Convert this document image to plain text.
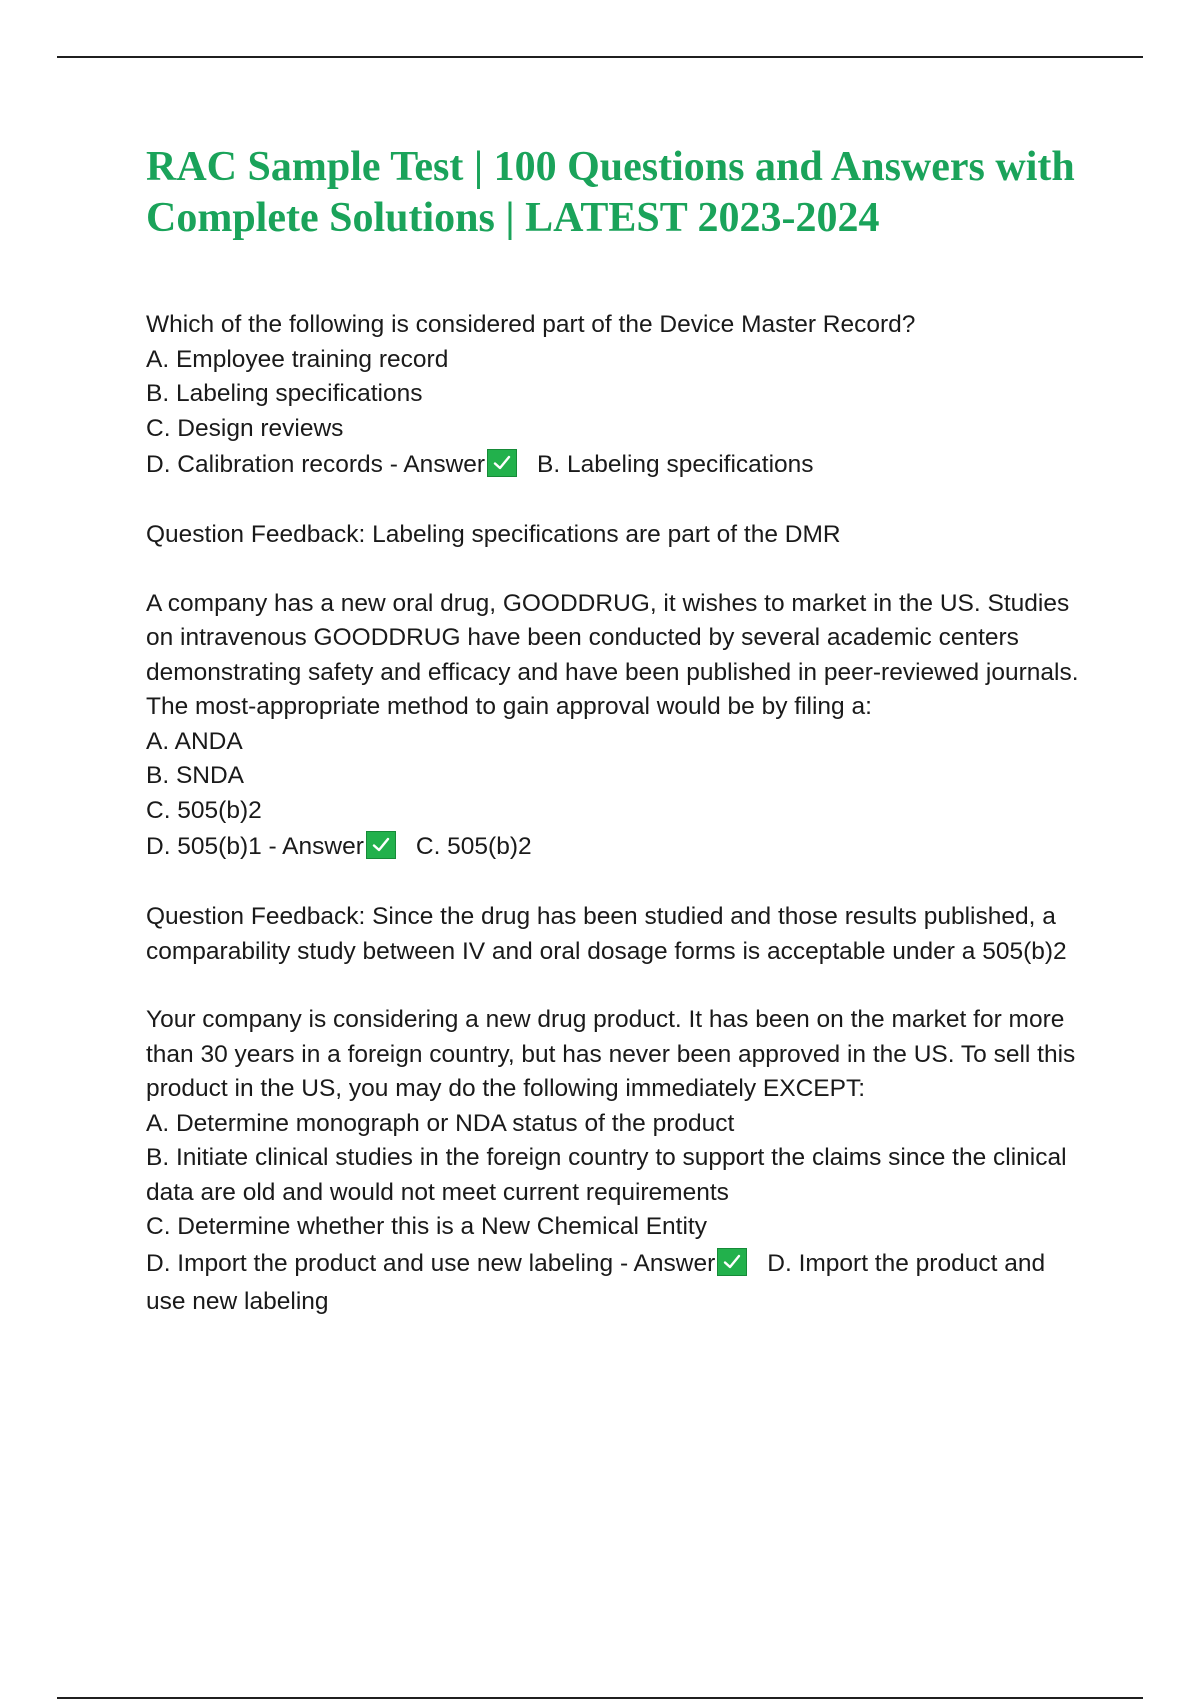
RAC Sample Test | 100 Questions and Answers with Complete Solutions | LATEST 2023-2024

Which of the following is considered part of the Device Master Record?

A. Employee training record

B. Labeling specifications

C. Design reviews

D. Calibration records - Answer B. Labeling specifications

Question Feedback: Labeling specifications are part of the DMR

A company has a new oral drug, GOODDRUG, it wishes to market in the US. Studies on intravenous GOODDRUG have been conducted by several academic centers demonstrating safety and efficacy and have been published in peer-reviewed journals. The most-appropriate method to gain approval would be by filing a:

A. ANDA

B. SNDA

C. 505(b)2

D. 505(b)1 - Answer C. 505(b)2

Question Feedback: Since the drug has been studied and those results published, a comparability study between IV and oral dosage forms is acceptable under a 505(b)2

Your company is considering a new drug product. It has been on the market for more than 30 years in a foreign country, but has never been approved in the US. To sell this product in the US, you may do the following immediately EXCEPT:

A. Determine monograph or NDA status of the product

B. Initiate clinical studies in the foreign country to support the claims since the clinical data are old and would not meet current requirements

C. Determine whether this is a New Chemical Entity

D. Import the product and use new labeling - Answer D. Import the product and use new labeling
